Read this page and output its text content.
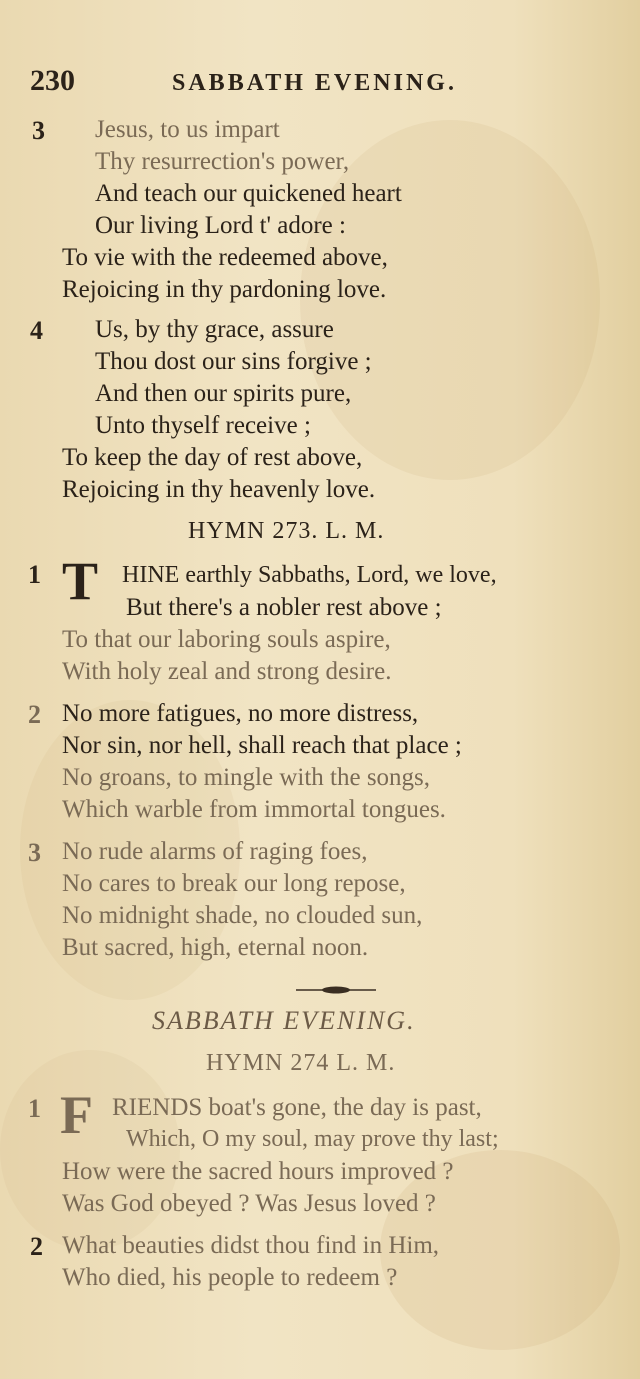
230	SABBATH EVENING.
3 Jesus, to us impart
Thy resurrection's power,
And teach our quickened heart
Our living Lord t' adore :
To vie with the redeemed above,
Rejoicing in thy pardoning love.
4 Us, by thy grace, assure
Thou dost our sins forgive ;
And then our spirits pure,
Unto thyself receive ;
To keep the day of rest above,
Rejoicing in thy heavenly love.
HYMN 273. L. M.
1 T HINE earthly Sabbaths, Lord, we love,
But there's a nobler rest above ;
To that our laboring souls aspire,
With holy zeal and strong desire.
2 No more fatigues, no more distress,
Nor sin, nor hell, shall reach that place ;
No groans, to mingle with the songs,
Which warble from immortal tongues.
3 No rude alarms of raging foes,
No cares to break our long repose,
No midnight shade, no clouded sun,
But sacred, high, eternal noon.
SABBATH EVENING.
HYMN 274 L. M.
1 F RIENDS boat's gone, the day is past,
Which, O my soul, may prove thy last;
How were the sacred hours improved ?
Was God obeyed ? Was Jesus loved ?
2 What beauties didst thou find in Him,
Who died, his people to redeem ?
